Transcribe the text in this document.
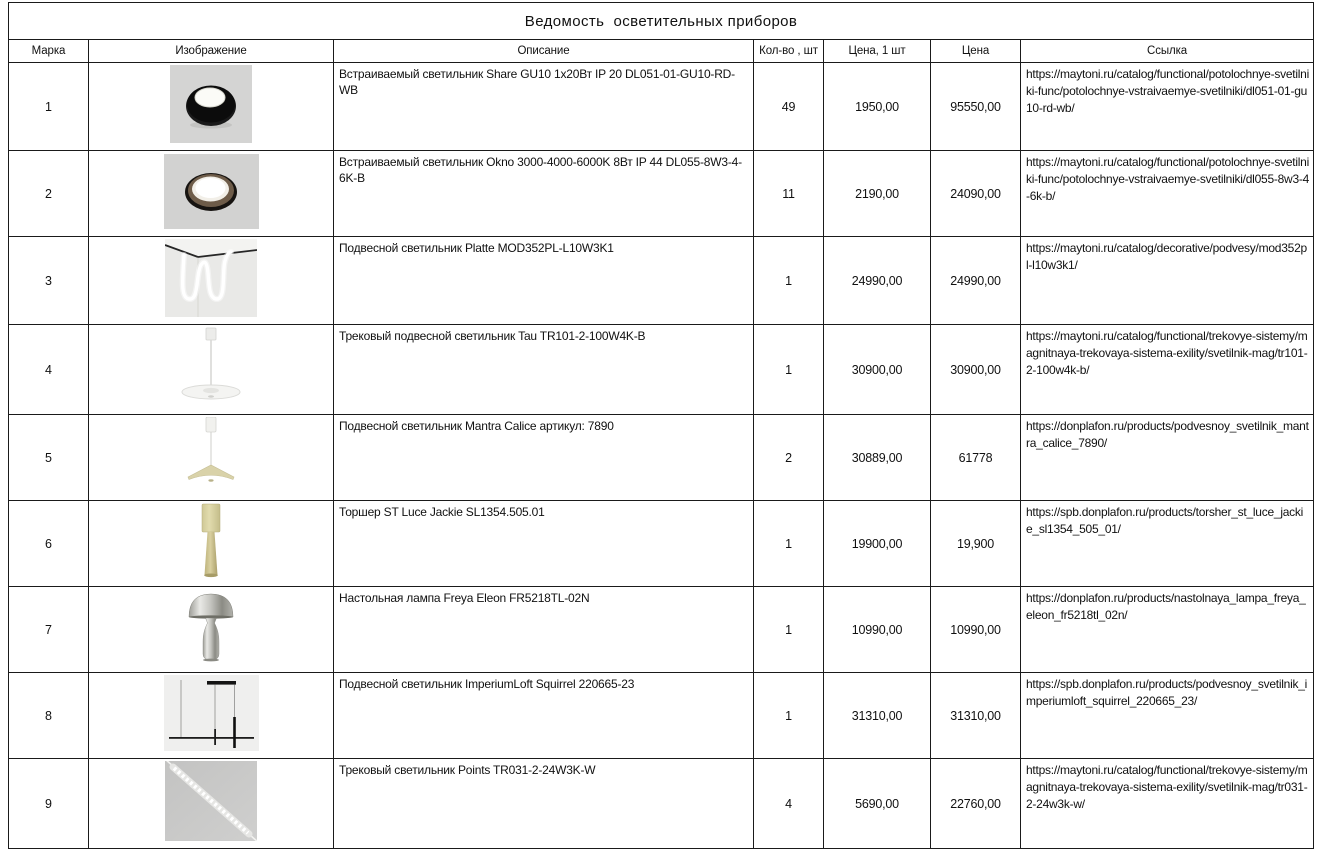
Ведомость  осветительных приборов						
Марка	Изображение	Описание	Кол-во , шт	Цена, 1 шт	Цена	Ссылка
1		Встраиваемый светильник Share GU10 1x20Вт IP 20 DL051-01-GU10-RD-WB	49	1950,00	95550,00	https://maytoni.ru/catalog/functional/potolochnye-svetilniki-func/potolochnye-vstraivaemye-svetilniki/dl051-01-gu10-rd-wb/
2		Встраиваемый светильник Okno 3000-4000-6000K 8Вт IP 44 DL055-8W3-4-6K-B	11	2190,00	24090,00	https://maytoni.ru/catalog/functional/potolochnye-svetilniki-func/potolochnye-vstraivaemye-svetilniki/dl055-8w3-4-6k-b/
3		Подвесной светильник Platte MOD352PL-L10W3K1	1	24990,00	24990,00	https://maytoni.ru/catalog/decorative/podvesy/mod352pl-l10w3k1/
4		Трековый подвесной светильник Tau TR101-2-100W4K-B	1	30900,00	30900,00	https://maytoni.ru/catalog/functional/trekovye-sistemy/magnitnaya-trekovaya-sistema-exility/svetilnik-mag/tr101-2-100w4k-b/
5		Подвесной светильник Mantra Calice артикул: 7890	2	30889,00	61778	https://donplafon.ru/products/podvesnoy_svetilnik_mantra_calice_7890/
6		Торшер ST Luce Jackie SL1354.505.01	1	19900,00	19,900	https://spb.donplafon.ru/products/torsher_st_luce_jackie_sl1354_505_01/
7		Настольная лампа Freya Eleon FR5218TL-02N	1	10990,00	10990,00	https://donplafon.ru/products/nastolnaya_lampa_freya_eleon_fr5218tl_02n/
8		Подвесной светильник ImperiumLoft Squirrel 220665-23	1	31310,00	31310,00	https://spb.donplafon.ru/products/podvesnoy_svetilnik_imperiumloft_squirrel_220665_23/
9		Трековый светильник Points TR031-2-24W3K-W	4	5690,00	22760,00	https://maytoni.ru/catalog/functional/trekovye-sistemy/magnitnaya-trekovaya-sistema-exility/svetilnik-mag/tr031-2-24w3k-w/
